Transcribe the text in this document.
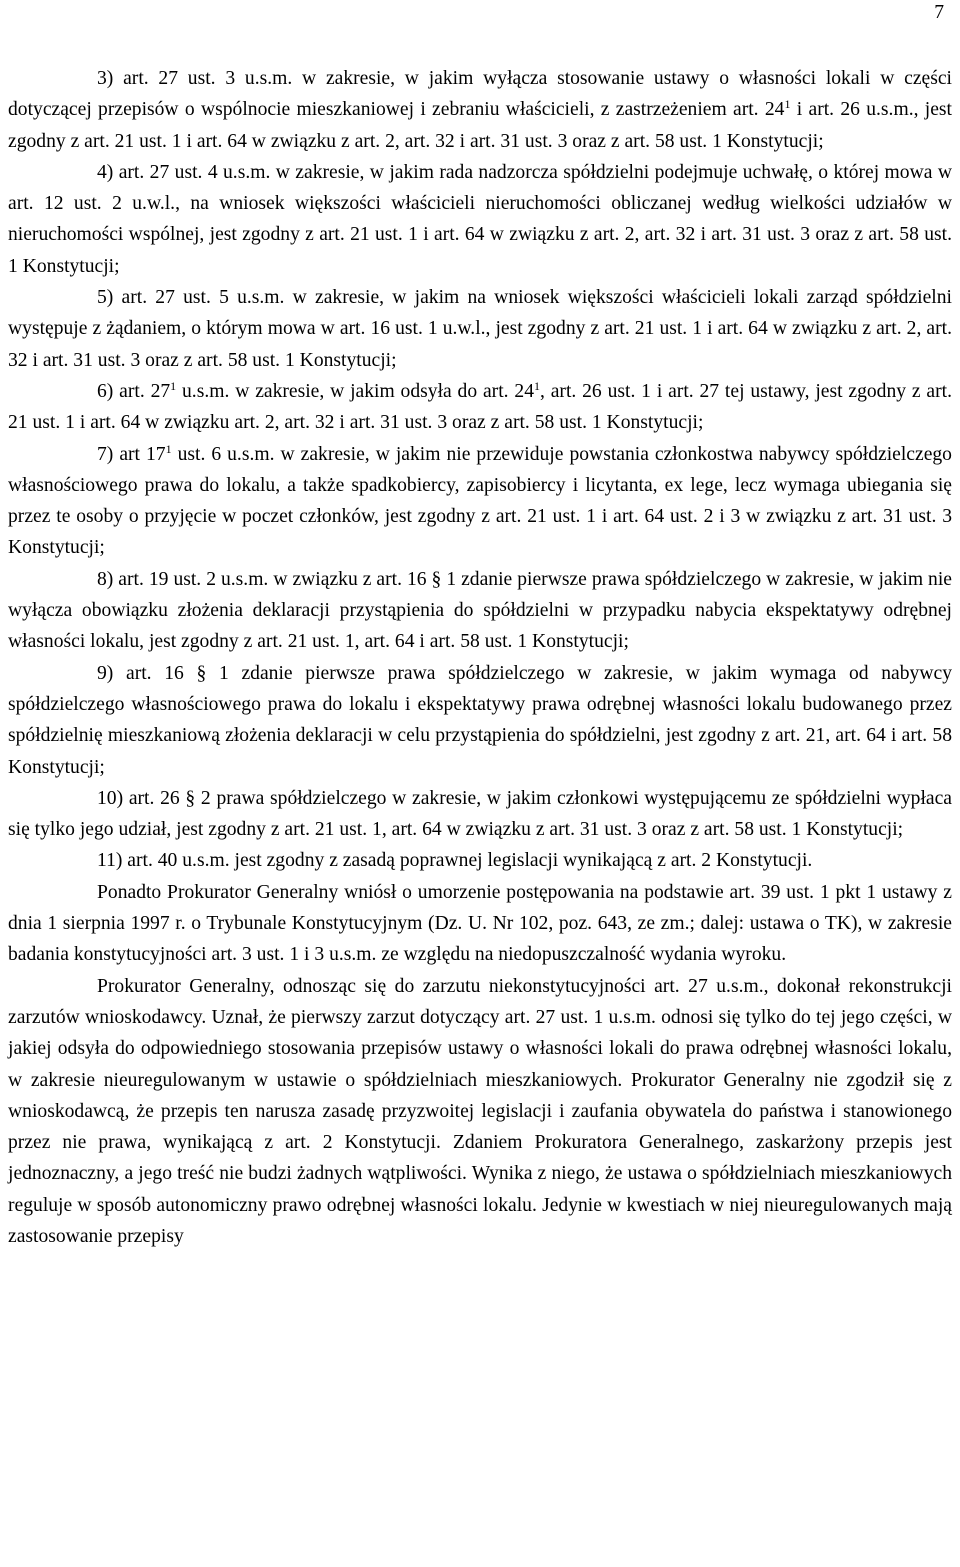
7

3) art. 27 ust. 3 u.s.m. w zakresie, w jakim wyłącza stosowanie ustawy o własności lokali w części dotyczącej przepisów o wspólnocie mieszkaniowej i zebraniu właścicieli, z zastrzeżeniem art. $24^1$ i art. 26 u.s.m., jest zgodny z art. 21 ust. 1 i art. 64 w związku z art. 2, art. 32 i art. 31 ust. 3 oraz z art. 58 ust. 1 Konstytucji;

4) art. 27 ust. 4 u.s.m. w zakresie, w jakim rada nadzorcza spółdzielni podejmuje uchwałę, o której mowa w art. 12 ust. 2 u.w.l., na wniosek większości właścicieli nieruchomości obliczanej według wielkości udziałów w nieruchomości wspólnej, jest zgodny z art. 21 ust. 1 i art. 64 w związku z art. 2, art. 32 i art. 31 ust. 3 oraz z art. 58 ust. 1 Konstytucji;

5) art. 27 ust. 5 u.s.m. w zakresie, w jakim na wniosek większości właścicieli lokali zarząd spółdzielni występuje z żądaniem, o którym mowa w art. 16 ust. 1 u.w.l., jest zgodny z art. 21 ust. 1 i art. 64 w związku z art. 2, art. 32 i art. 31 ust. 3 oraz z art. 58 ust. 1 Konstytucji;

6) art. $27^1$ u.s.m. w zakresie, w jakim odsyła do art. $24^1$, art. 26 ust. 1 i art. 27 tej ustawy, jest zgodny z art. 21 ust. 1 i art. 64 w związku art. 2, art. 32 i art. 31 ust. 3 oraz z art. 58 ust. 1 Konstytucji;

7) art $17^1$ ust. 6 u.s.m. w zakresie, w jakim nie przewiduje powstania członkostwa nabywcy spółdzielczego własnościowego prawa do lokalu, a także spadkobiercy, zapisobiercy i licytanta, ex lege, lecz wymaga ubiegania się przez te osoby o przyjęcie w poczet członków, jest zgodny z art. 21 ust. 1 i art. 64 ust. 2 i 3 w związku z art. 31 ust. 3 Konstytucji;

8) art. 19 ust. 2 u.s.m. w związku z art. 16 § 1 zdanie pierwsze prawa spółdzielczego w zakresie, w jakim nie wyłącza obowiązku złożenia deklaracji przystąpienia do spółdzielni w przypadku nabycia ekspektatywy odrębnej własności lokalu, jest zgodny z art. 21 ust. 1, art. 64 i art. 58 ust. 1 Konstytucji;

9) art. 16 § 1 zdanie pierwsze prawa spółdzielczego w zakresie, w jakim wymaga od nabywcy spółdzielczego własnościowego prawa do lokalu i ekspektatywy prawa odrębnej własności lokalu budowanego przez spółdzielnię mieszkaniową złożenia deklaracji w celu przystąpienia do spółdzielni, jest zgodny z art. 21, art. 64 i art. 58 Konstytucji;

10) art. 26 § 2 prawa spółdzielczego w zakresie, w jakim członkowi występującemu ze spółdzielni wypłaca się tylko jego udział, jest zgodny z art. 21 ust. 1, art. 64 w związku z art. 31 ust. 3 oraz z art. 58 ust. 1 Konstytucji;

11) art. 40 u.s.m. jest zgodny z zasadą poprawnej legislacji wynikającą z art. 2 Konstytucji.

Ponadto Prokurator Generalny wniósł o umorzenie postępowania na podstawie art. 39 ust. 1 pkt 1 ustawy z dnia 1 sierpnia 1997 r. o Trybunale Konstytucyjnym (Dz. U. Nr 102, poz. 643, ze zm.; dalej: ustawa o TK), w zakresie badania konstytucyjności art. 3 ust. 1 i 3 u.s.m. ze względu na niedopuszczalność wydania wyroku.

Prokurator Generalny, odnosząc się do zarzutu niekonstytucyjności art. 27 u.s.m., dokonał rekonstrukcji zarzutów wnioskodawcy. Uznał, że pierwszy zarzut dotyczący art. 27 ust. 1 u.s.m. odnosi się tylko do tej jego części, w jakiej odsyła do odpowiedniego stosowania przepisów ustawy o własności lokali do prawa odrębnej własności lokalu, w zakresie nieuregulowanym w ustawie o spółdzielniach mieszkaniowych. Prokurator Generalny nie zgodził się z wnioskodawcą, że przepis ten narusza zasadę przyzwoitej legislacji i zaufania obywatela do państwa i stanowionego przez nie prawa, wynikającą z art. 2 Konstytucji. Zdaniem Prokuratora Generalnego, zaskarżony przepis jest jednoznaczny, a jego treść nie budzi żadnych wątpliwości. Wynika z niego, że ustawa o spółdzielniach mieszkaniowych reguluje w sposób autonomiczny prawo odrębnej własności lokalu. Jedynie w kwestiach w niej nieuregulowanych mają zastosowanie przepisy
